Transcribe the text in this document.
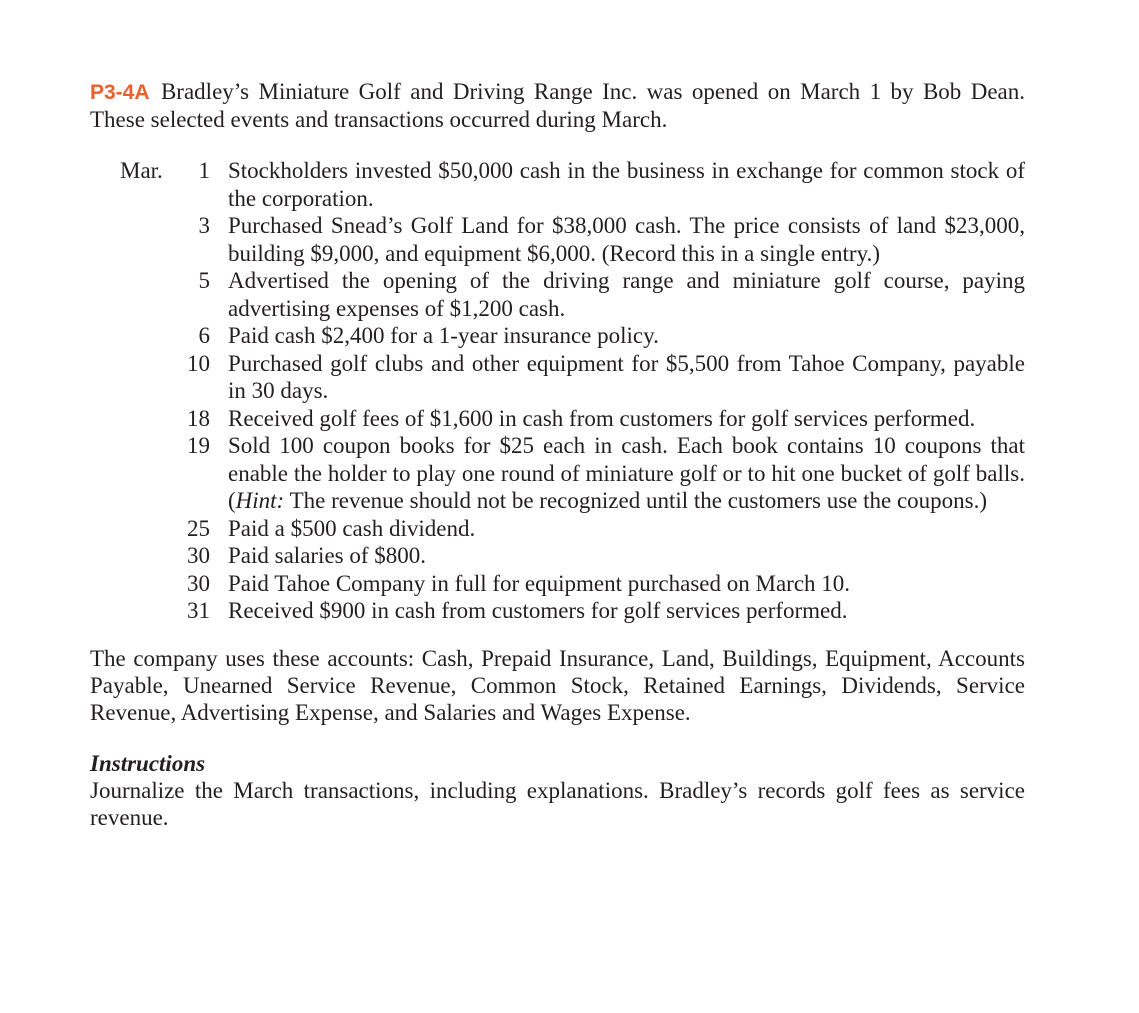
P3-4A Bradley’s Miniature Golf and Driving Range Inc. was opened on March 1 by Bob Dean. These selected events and transactions occurred during March.

Mar.	1 Stockholders invested $50,000 cash in the business in exchange for common stock of the corporation.
3 Purchased Snead’s Golf Land for $38,000 cash. The price consists of land $23,000, building $9,000, and equipment $6,000. (Record this in a single entry.)
5 Advertised the opening of the driving range and miniature golf course, paying advertising expenses of $1,200 cash.
6 Paid cash $2,400 for a 1-year insurance policy.
10 Purchased golf clubs and other equipment for $5,500 from Tahoe Company, payable in 30 days.
18 Received golf fees of $1,600 in cash from customers for golf services performed.
19 Sold 100 coupon books for $25 each in cash. Each book contains 10 coupons that enable the holder to play one round of miniature golf or to hit one bucket of golf balls. (Hint: The revenue should not be recognized until the customers use the coupons.)
25 Paid a $500 cash dividend.
30 Paid salaries of $800.
30 Paid Tahoe Company in full for equipment purchased on March 10.
31 Received $900 in cash from customers for golf services performed.

The company uses these accounts: Cash, Prepaid Insurance, Land, Buildings, Equipment, Accounts Payable, Unearned Service Revenue, Common Stock, Retained Earnings, Dividends, Service Revenue, Advertising Expense, and Salaries and Wages Expense.

Instructions

Journalize the March transactions, including explanations. Bradley’s records golf fees as service revenue.
